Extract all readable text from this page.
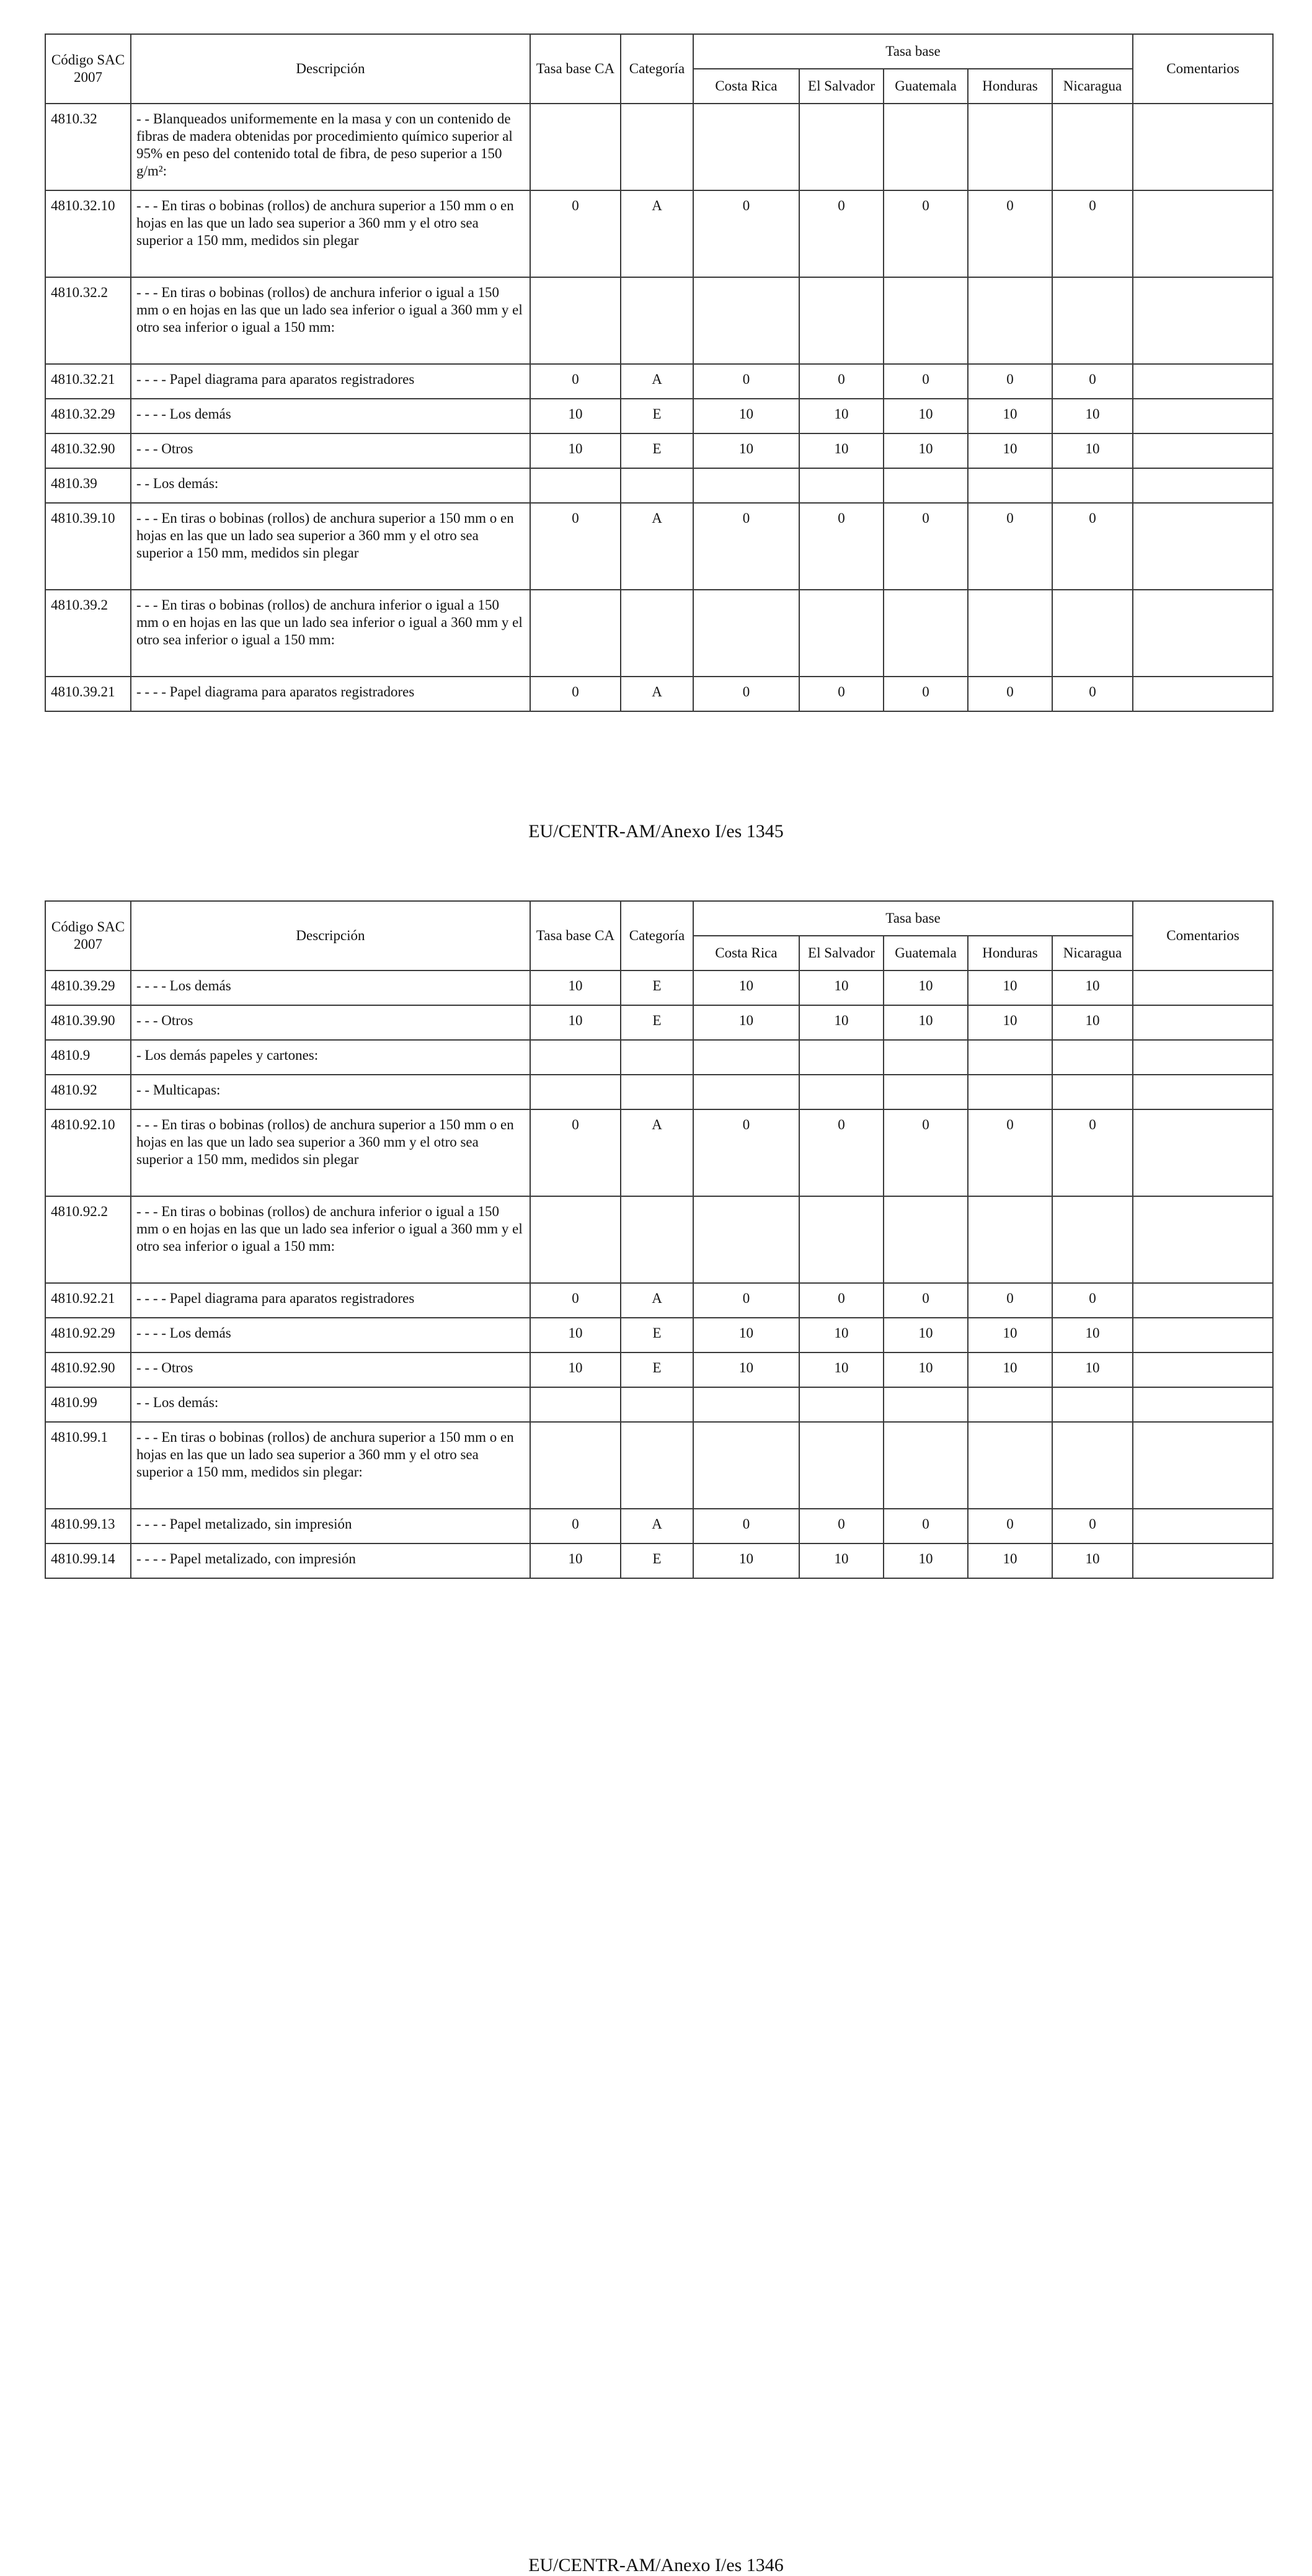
Código SAC 2007	Descripción	Tasa base CA	Categoría	Tasa base					Comentarios
				Costa Rica	El Salvador	Guatemala	Honduras	Nicaragua	
4810.32	- - Blanqueados uniformemente en la masa y con un contenido de fibras de madera obtenidas por procedimiento químico superior al 95% en peso del contenido total de fibra, de peso superior a 150 g/m²:								
4810.32.10	- - - En tiras o bobinas (rollos) de anchura superior a 150 mm o en hojas en las que un lado sea superior a 360 mm y el otro sea superior a 150 mm, medidos sin plegar	0	A	0	0	0	0	0	
4810.32.2	- - - En tiras o bobinas (rollos) de anchura inferior o igual a 150 mm o en hojas en las que un lado sea inferior o igual a 360 mm y el otro sea inferior o igual a 150 mm:								
4810.32.21	- - - - Papel diagrama para aparatos registradores	0	A	0	0	0	0	0	
4810.32.29	- - - - Los demás	10	E	10	10	10	10	10	
4810.32.90	- - - Otros	10	E	10	10	10	10	10	
4810.39	- - Los demás:								
4810.39.10	- - - En tiras o bobinas (rollos) de anchura superior a 150 mm o en hojas en las que un lado sea superior a 360 mm y el otro sea superior a 150 mm, medidos sin plegar	0	A	0	0	0	0	0	
4810.39.2	- - - En tiras o bobinas (rollos) de anchura inferior o igual a 150 mm o en hojas en las que un lado sea inferior o igual a 360 mm y el otro sea inferior o igual a 150 mm:								
4810.39.21	- - - - Papel diagrama para aparatos registradores	0	A	0	0	0	0	0	
EU/CENTR-AM/Anexo I/es 1345
Código SAC 2007	Descripción	Tasa base CA	Categoría	Tasa base					Comentarios
				Costa Rica	El Salvador	Guatemala	Honduras	Nicaragua	
4810.39.29	- - - - Los demás	10	E	10	10	10	10	10	
4810.39.90	- - - Otros	10	E	10	10	10	10	10	
4810.9	- Los demás papeles y cartones:								
4810.92	- - Multicapas:								
4810.92.10	- - - En tiras o bobinas (rollos) de anchura superior a 150 mm o en hojas en las que un lado sea superior a 360 mm y el otro sea superior a 150 mm, medidos sin plegar	0	A	0	0	0	0	0	
4810.92.2	- - - En tiras o bobinas (rollos) de anchura inferior o igual a 150 mm o en hojas en las que un lado sea inferior o igual a 360 mm y el otro sea inferior o igual a 150 mm:								
4810.92.21	- - - - Papel diagrama para aparatos registradores	0	A	0	0	0	0	0	
4810.92.29	- - - - Los demás	10	E	10	10	10	10	10	
4810.92.90	- - - Otros	10	E	10	10	10	10	10	
4810.99	- - Los demás:								
4810.99.1	- - - En tiras o bobinas (rollos) de anchura superior a 150 mm o en hojas en las que un lado sea superior a 360 mm y el otro sea superior a 150 mm, medidos sin plegar:								
4810.99.13	- - - - Papel metalizado, sin impresión	0	A	0	0	0	0	0	
4810.99.14	- - - - Papel metalizado, con impresión	10	E	10	10	10	10	10	
EU/CENTR-AM/Anexo I/es 1346
